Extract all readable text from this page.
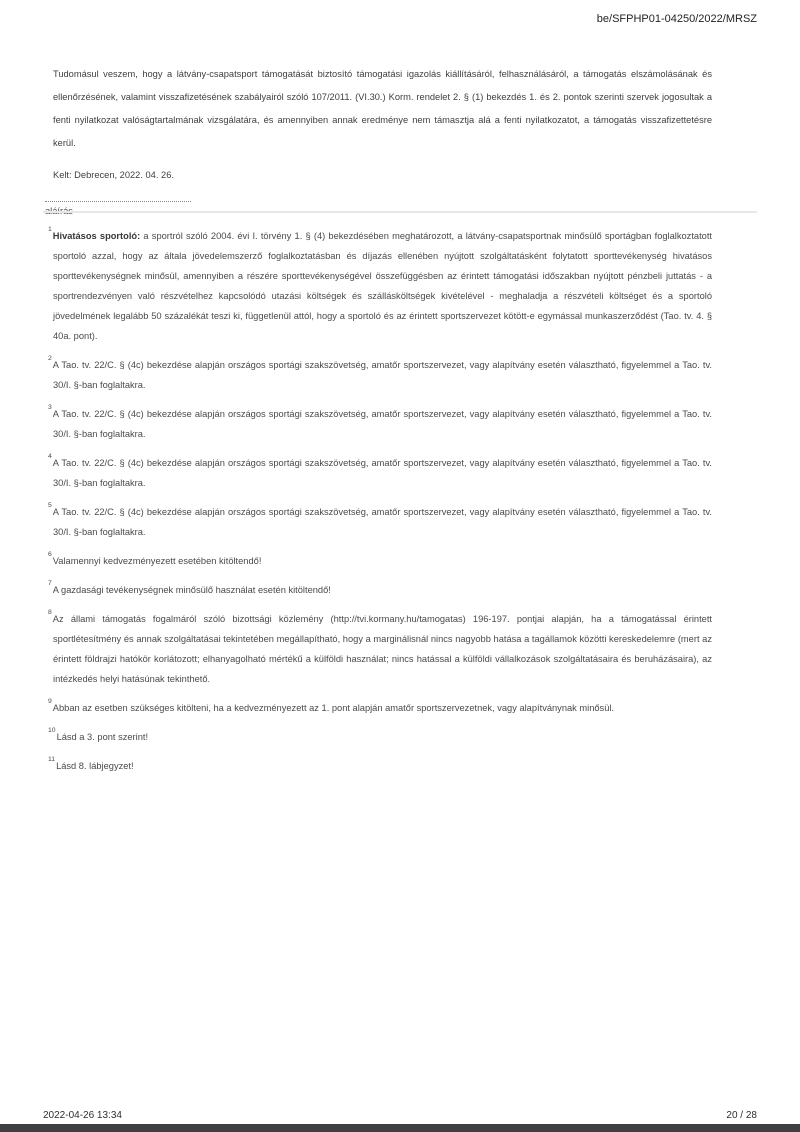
be/SFPHP01-04250/2022/MRSZ

Tudomásul veszem, hogy a látvány-csapatsport támogatását biztosító támogatási igazolás kiállításáról, felhasználásáról, a támogatás elszámolásának és ellenőrzésének, valamint visszafizetésének szabályairól szóló 107/2011. (VI.30.) Korm. rendelet 2. § (1) bekezdés 1. és 2. pontok szerinti szervek jogosultak a fenti nyilatkozat valóságtartalmának vizsgálatára, és amennyiben annak eredménye nem támasztja alá a fenti nyilatkozatot, a támogatás visszafizettetésre kerül.

Kelt: Debrecen, 2022. 04. 26.

$^1$Hivatásos sportoló: a sportról szóló 2004. évi I. törvény 1. § (4) bekezdésében meghatározott, a látvány-csapatsportnak minősülő sportágban foglalkoztatott sportoló azzal, hogy az általa jövedelemszerző foglalkoztatásban és díjazás ellenében nyújtott szolgáltatásként folytatott sporttevékenység hivatásos sporttevékenységnek minősül, amennyiben a részére sporttevékenységével összefüggésben az érintett támogatási időszakban nyújtott pénzbeli juttatás - a sportrendezvényen való részvételhez kapcsolódó utazási költségek és szállásköltségek kivételével - meghaladja a részvételi költséget és a sportoló jövedelmének legalább 50 százalékát teszi ki, függetlenül attól, hogy a sportoló és az érintett sportszervezet kötött-e egymással munkaszerződést (Tao. tv. 4. § 40a. pont).

$^2$A Tao. tv. 22/C. § (4c) bekezdése alapján országos sportági szakszövetség, amatőr sportszervezet, vagy alapítvány esetén választható, figyelemmel a Tao. tv. 30/I. §-ban foglaltakra.

$^3$A Tao. tv. 22/C. § (4c) bekezdése alapján országos sportági szakszövetség, amatőr sportszervezet, vagy alapítvány esetén választható, figyelemmel a Tao. tv. 30/I. §-ban foglaltakra.

$^4$A Tao. tv. 22/C. § (4c) bekezdése alapján országos sportági szakszövetség, amatőr sportszervezet, vagy alapítvány esetén választható, figyelemmel a Tao. tv. 30/I. §-ban foglaltakra.

$^5$A Tao. tv. 22/C. § (4c) bekezdése alapján országos sportági szakszövetség, amatőr sportszervezet, vagy alapítvány esetén választható, figyelemmel a Tao. tv. 30/I. §-ban foglaltakra.

$^6$Valamennyi kedvezményezett esetében kitöltendő!

$^7$A gazdasági tevékenységnek minősülő használat esetén kitöltendő!

$^8$Az állami támogatás fogalmáról szóló bizottsági közlemény (http://tvi.kormany.hu/tamogatas) 196-197. pontjai alapján, ha a támogatással érintett sportlétesítmény és annak szolgáltatásai tekintetében megállapítható, hogy a marginálisnál nincs nagyobb hatása a tagállamok közötti kereskedelemre (mert az érintett földrajzi hatókör korlátozott; elhanyagolható mértékű a külföldi használat; nincs hatással a külföldi vállalkozások szolgáltatásaira és beruházásaira), az intézkedés helyi hatásúnak tekinthető.

$^9$Abban az esetben szükséges kitölteni, ha a kedvezményezett az 1. pont alapján amatőr sportszervezetnek, vagy alapítványnak minősül.

$^{10}$Lásd a 3. pont szerint!

$^{11}$Lásd 8. lábjegyzet!

2022-04-26 13:34	20 / 28
